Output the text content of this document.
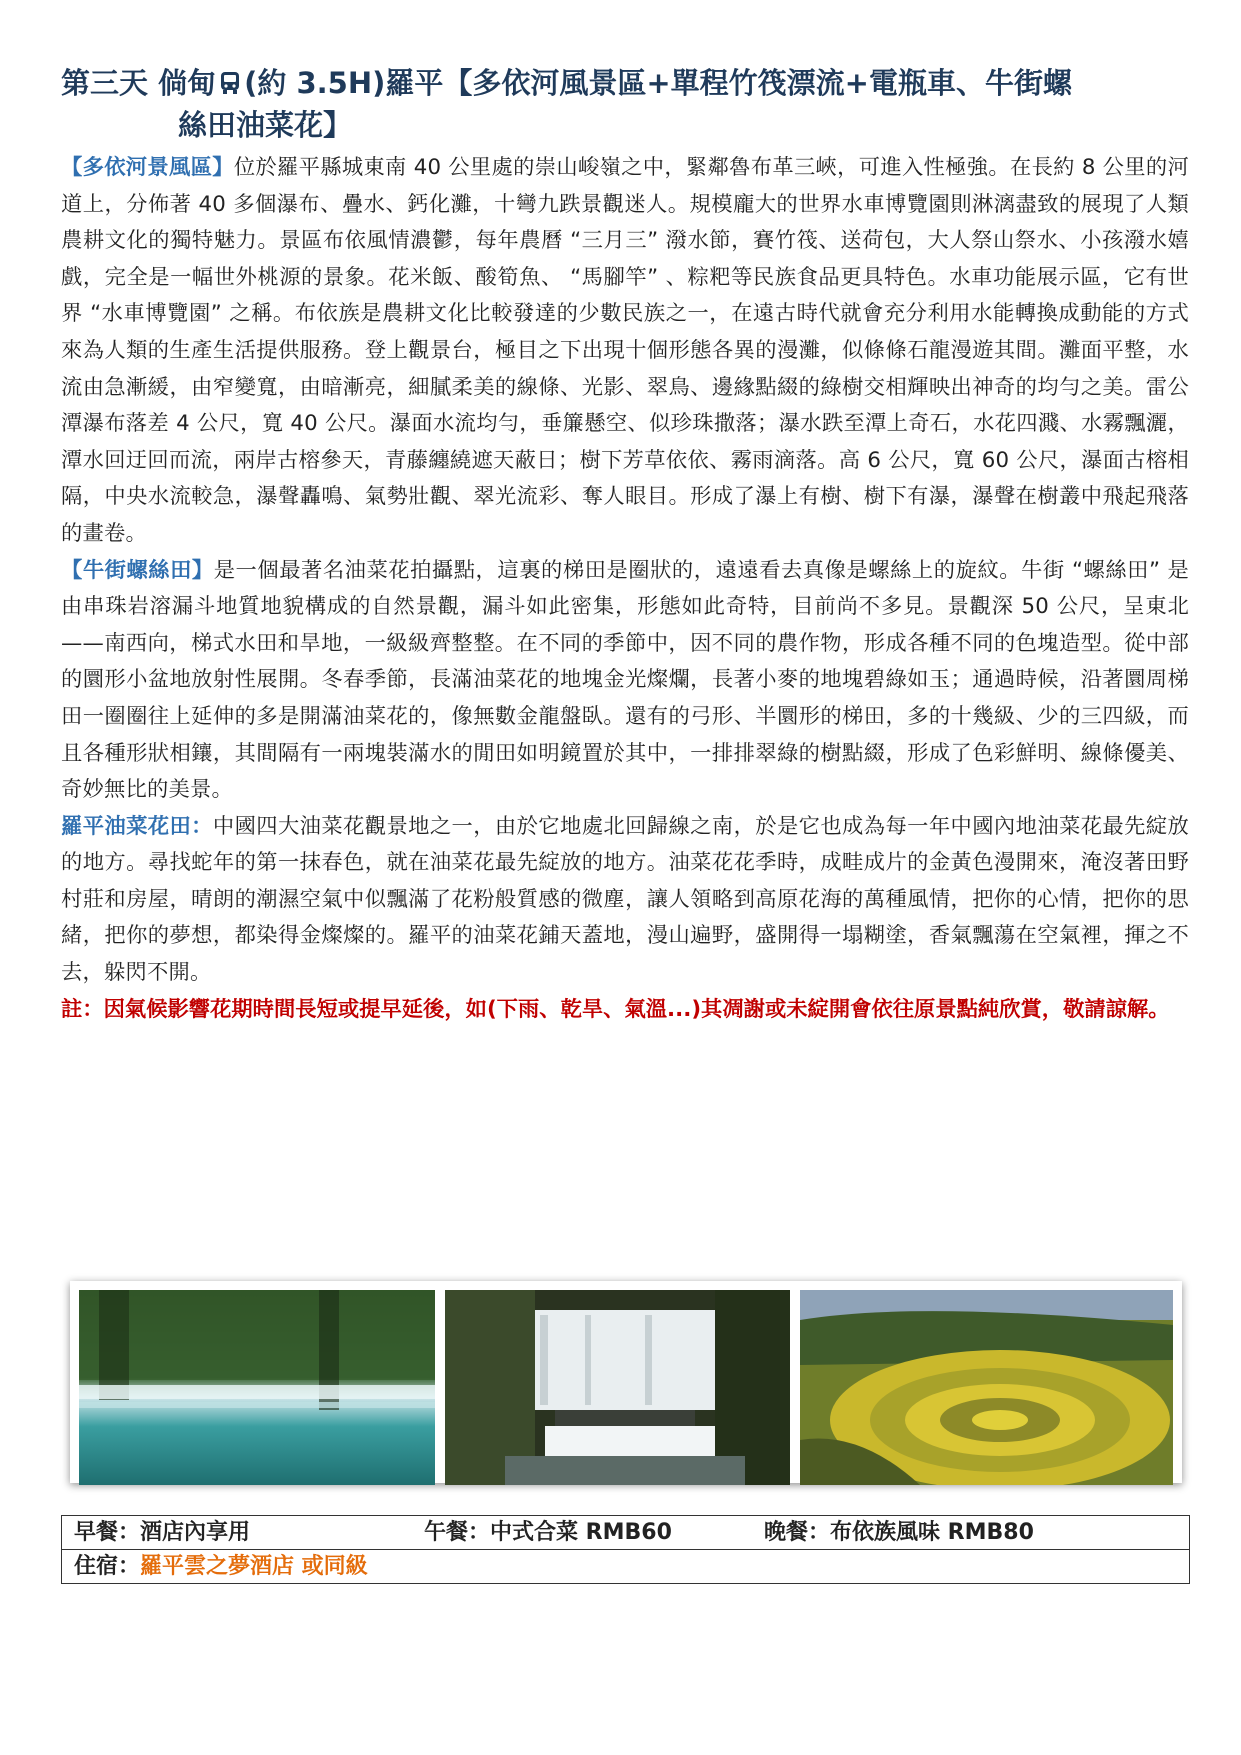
第三天 倘甸 (約 3.5H)羅平【多依河風景區+單程竹筏漂流+電瓶車、牛街螺
絲田油菜花】

【多依河景風區】位於羅平縣城東南 40 公里處的崇山峻嶺之中，緊鄰魯布革三峽，可進入性極強。在長約 8 公里的河道上，分佈著 40 多個瀑布、疊水、鈣化灘，十彎九跌景觀迷人。規模龐大的世界水車博覽園則淋漓盡致的展現了人類農耕文化的獨特魅力。景區布依風情濃鬱，每年農曆 “三月三” 潑水節，賽竹筏、送荷包，大人祭山祭水、小孩潑水嬉戲，完全是一幅世外桃源的景象。花米飯、酸筍魚、 “馬腳竿” 、粽粑等民族食品更具特色。水車功能展示區，它有世界 “水車博覽園” 之稱。布依族是農耕文化比較發達的少數民族之一，在遠古時代就會充分利用水能轉換成動能的方式來為人類的生產生活提供服務。登上觀景台，極目之下出現十個形態各異的漫灘，似條條石龍漫遊其間。灘面平整，水流由急漸緩，由窄變寬，由暗漸亮，細膩柔美的線條、光影、翠鳥、邊緣點綴的綠樹交相輝映出神奇的均勻之美。雷公潭瀑布落差 4 公尺，寬 40 公尺。瀑面水流均勻，垂簾懸空、似珍珠撒落；瀑水跌至潭上奇石，水花四濺、水霧飄灑，潭水回迂回而流，兩岸古榕參天，青藤纏繞遮天蔽日；樹下芳草依依、霧雨滴落。高 6 公尺，寬 60 公尺，瀑面古榕相隔，中央水流較急，瀑聲轟鳴、氣勢壯觀、翠光流彩、奪人眼目。形成了瀑上有樹、樹下有瀑，瀑聲在樹叢中飛起飛落的畫卷。

【牛街螺絲田】是一個最著名油菜花拍攝點，這裏的梯田是圈狀的，遠遠看去真像是螺絲上的旋紋。牛街 “螺絲田” 是由串珠岩溶漏斗地質地貌構成的自然景觀，漏斗如此密集，形態如此奇特，目前尚不多見。景觀深 50 公尺，呈東北——南西向，梯式水田和旱地，一級級齊整整。在不同的季節中，因不同的農作物，形成各種不同的色塊造型。從中部的圜形小盆地放射性展開。冬春季節，長滿油菜花的地塊金光燦爛，長著小麥的地塊碧綠如玉；通過時候，沿著圜周梯田一圈圈往上延伸的多是開滿油菜花的，像無數金龍盤臥。還有的弓形、半圜形的梯田，多的十幾級、少的三四級，而且各種形狀相鑲，其間隔有一兩塊裝滿水的閒田如明鏡置於其中，一排排翠綠的樹點綴，形成了色彩鮮明、線條優美、奇妙無比的美景。

羅平油菜花田：中國四大油菜花觀景地之一，由於它地處北回歸線之南，於是它也成為每一年中國內地油菜花最先綻放的地方。尋找蛇年的第一抹春色，就在油菜花最先綻放的地方。油菜花花季時，成畦成片的金黃色漫開來，淹沒著田野村莊和房屋，晴朗的潮濕空氣中似飄滿了花粉般質感的微塵，讓人領略到高原花海的萬種風情，把你的心情，把你的思緒，把你的夢想，都染得金燦燦的。羅平的油菜花鋪天蓋地，漫山遍野，盛開得一塌糊塗，香氣飄蕩在空氣裡，揮之不去，躲閃不開。

註：因氣候影響花期時間長短或提早延後，如(下雨、乾旱、氣溫...)其凋謝或未綻開會依往原景點純欣賞，敬請諒解。

早餐：酒店內享用	午餐：中式合菜 RMB60	晚餐：布依族風味 RMB80
住宿：羅平雲之夢酒店 或同級
